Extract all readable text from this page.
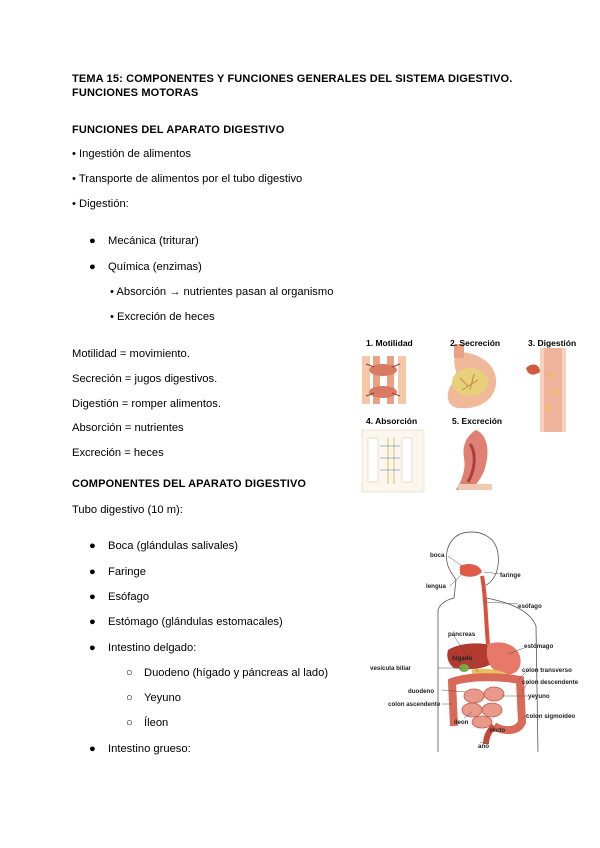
TEMA 15: COMPONENTES Y FUNCIONES GENERALES DEL SISTEMA DIGESTIVO.
FUNCIONES MOTORAS
FUNCIONES DEL APARATO DIGESTIVO
• Ingestión de alimentos
• Transporte de alimentos por el tubo digestivo
• Digestión:
● Mecánica (triturar)
● Química (enzimas)
• Absorción → nutrientes pasan al organismo
• Excreción de heces
Motilidad = movimiento.
Secreción = jugos digestivos.
Digestión = romper alimentos.
Absorción = nutrientes
Excreción = heces
COMPONENTES DEL APARATO DIGESTIVO
Tubo digestivo (10 m):
● Boca (glándulas salivales)
● Faringe
● Esófago
● Estómago (glándulas estomacales)
● Intestino delgado:
○ Duodeno (hígado y páncreas al lado)
○ Yeyuno
○ Íleon
● Intestino grueso:
1. Motilidad	2. Secreción	3. Digestión
4. Absorción	5. Excreción
boca
lengua
faringe
esófago
páncreas
estómago
hígado
vesícula biliar	colon transverso
colon descendente
duodeno
yeyuno
colon ascendente
íleon
colon sigmoideo
recto
ano
